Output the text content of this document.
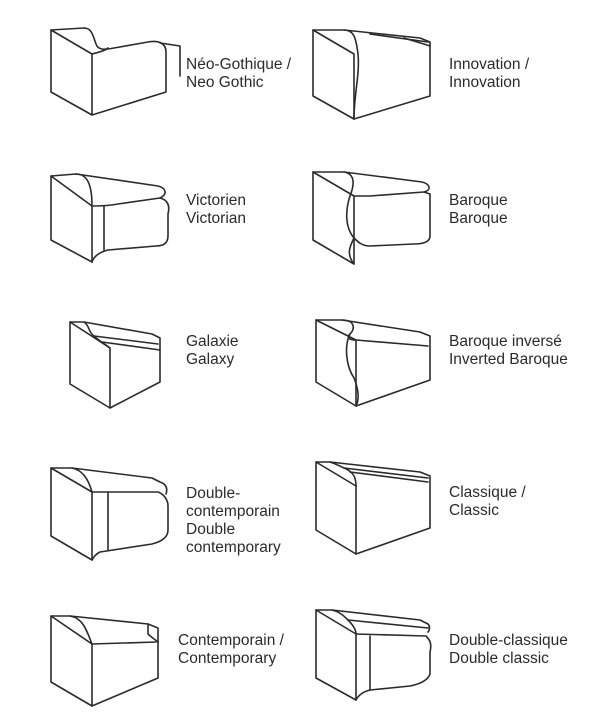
Néo-Gothique /
Neo Gothic
Innovation /
Innovation
Victorien
Victorian
Baroque
Baroque
Galaxie
Galaxy
Baroque inversé
Inverted Baroque
Double-
contemporain
Double
contemporary
Classique /
Classic
Contemporain /
Contemporary
Double-classique
Double classic
